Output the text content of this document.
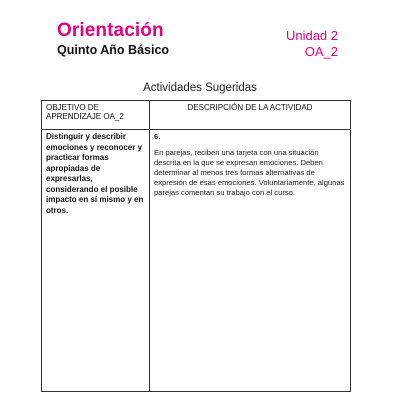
Orientación
Quinto Año Básico
Unidad 2
OA_2
Actividades Sugeridas
OBJETIVO DE APRENDIZAJE OA_2	DESCRIPCIÓN DE LA ACTIVIDAD
Distinguir y describir emociones y reconocer y practicar formas apropiadas de expresarlas, considerando el posible impacto en sí mismo y en otros.	6.
En parejas, reciben una tarjeta con una situación descrita en la que se expresan emociones. Deben determinar al menos tres formas alternativas de expresión de esas emociones. Voluntariamente, algunas parejas comentan su trabajo con el curso.
